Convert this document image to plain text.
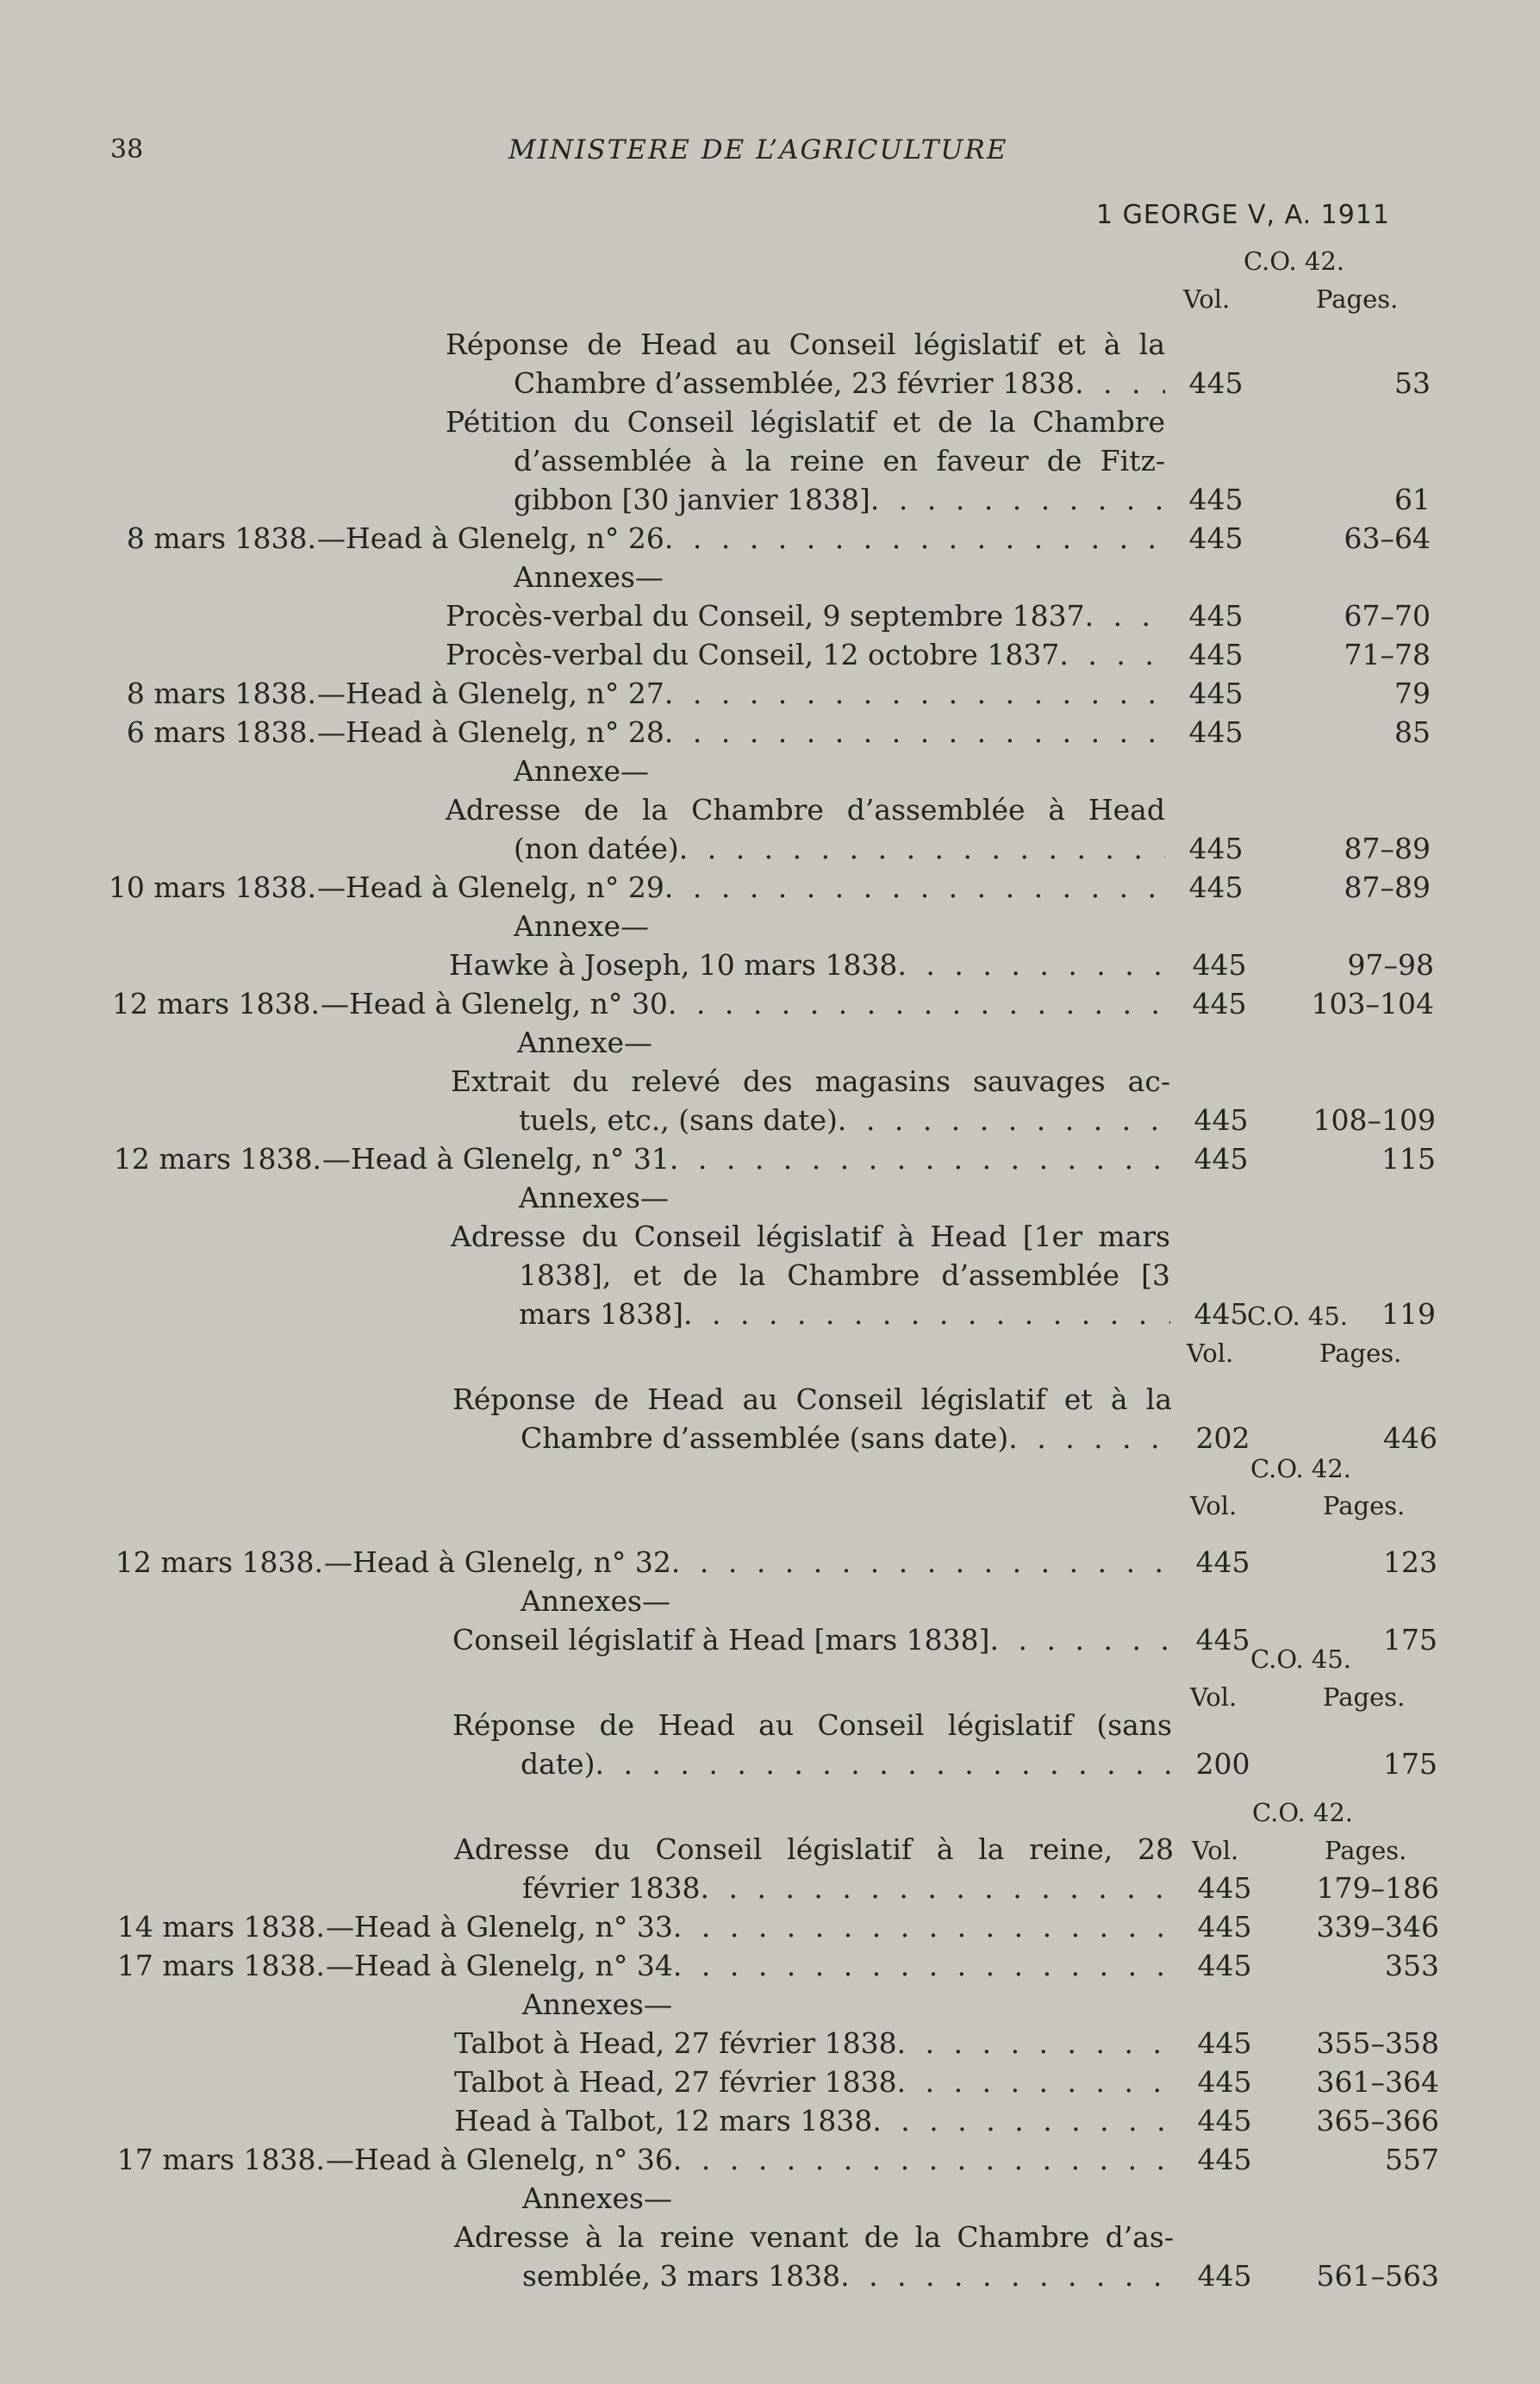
38	MINISTERE DE L’AGRICULTURE
1 GEORGE V, A. 1911
C.O. 42.
Vol.	Pages.
C.O. 45.
Vol.	Pages.
C.O. 42.
Vol.	Pages.
C.O. 45.
Vol.	Pages.
C.O. 42.
Vol.	Pages.
Réponse de Head au Conseil législatif et à la
Chambre d’assemblée, 23 février 1838 . . .	445	53
Pétition du Conseil législatif et de la Chambre
d’assemblée à la reine en faveur de Fitz-
gibbon [30 janvier 1838] . . .	445	61
8 mars 1838. —Head à Glenelg, n° 26 . . .	445	63–64
Annexes—
Procès-verbal du Conseil, 9 septembre 1837 . . .	445	67–70
Procès-verbal du Conseil, 12 octobre 1837 . . .	445	71–78
8 mars 1838. —Head à Glenelg, n° 27 . . .	445	79
6 mars 1838. —Head à Glenelg, n° 28 . . .	445	85
Annexe—
Adresse de la Chambre d’assemblée à Head
(non datée) . . .	445	87–89
10 mars 1838. —Head à Glenelg, n° 29 . . .	445	87–89
Annexe—
Hawke à Joseph, 10 mars 1838 . . .	445	97–98
12 mars 1838. —Head à Glenelg, n° 30 . . .	445	103–104
Annexe—
Extrait du relevé des magasins sauvages ac-
tuels, etc., (sans date) . . .	445	108–109
12 mars 1838. —Head à Glenelg, n° 31 . . .	445	115
Annexes—
Adresse du Conseil législatif à Head [1er mars
1838], et de la Chambre d’assemblée [3
mars 1838] . . .	445	119
Réponse de Head au Conseil législatif et à la
Chambre d’assemblée (sans date) . . .	202	446
12 mars 1838. —Head à Glenelg, n° 32 . . .	445	123
Annexes—
Conseil législatif à Head [mars 1838] . . .	445	175
Réponse de Head au Conseil législatif (sans
date) . . .	200	175
Adresse du Conseil législatif à la reine, 28
février 1838 . . .	445	179–186
14 mars 1838. —Head à Glenelg, n° 33 . . .	445	339–346
17 mars 1838. —Head à Glenelg, n° 34 . . .	445	353
Annexes—
Talbot à Head, 27 février 1838 . . .	445	355–358
Talbot à Head, 27 février 1838 . . .	445	361–364
Head à Talbot, 12 mars 1838 . . .	445	365–366
17 mars 1838. —Head à Glenelg, n° 36 . . .	445	557
Annexes—
Adresse à la reine venant de la Chambre d’as-
semblée, 3 mars 1838 . . .	445	561–563
